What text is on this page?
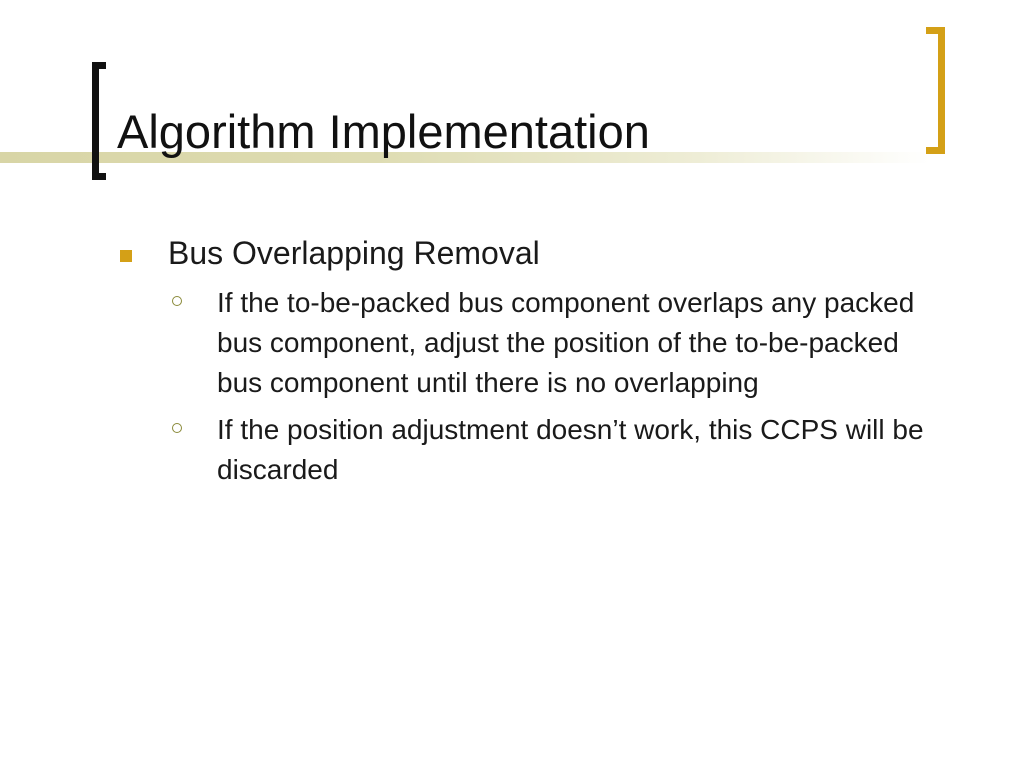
Algorithm Implementation
Bus Overlapping Removal
If the to-be-packed bus component overlaps any packed bus component, adjust the position of the to-be-packed bus component until there is no overlapping
If the position adjustment doesn’t work, this CCPS will be discarded
